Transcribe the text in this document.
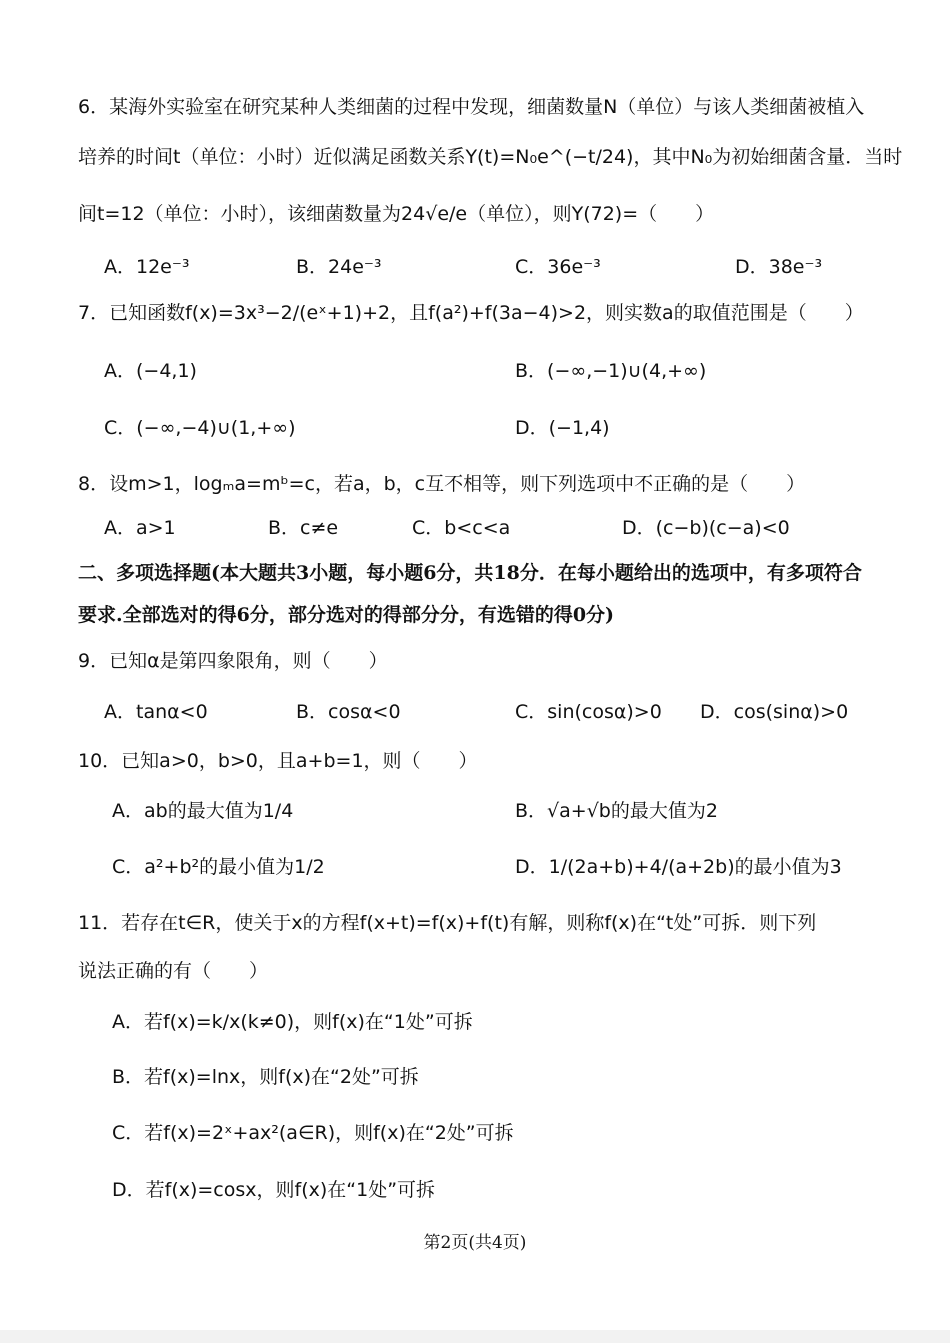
6．某海外实验室在研究某种人类细菌的过程中发现，细菌数量N（单位）与该人类细菌被植入
培养的时间t（单位：小时）近似满足函数关系Y(t)=N₀e^(−t/24)，其中N₀为初始细菌含量．当时
间t=12（单位：小时），该细菌数量为24√e/e（单位），则Y(72)=（　　）
A．12e⁻³	B．24e⁻³	C．36e⁻³	D．38e⁻³
7．已知函数f(x)=3x³−2/(eˣ+1)+2，且f(a²)+f(3a−4)>2，则实数a的取值范围是（　　）
A．(−4,1)	B．(−∞,−1)∪(4,+∞)
C．(−∞,−4)∪(1,+∞)	D．(−1,4)
8．设m>1，logₘa=mᵇ=c，若a，b，c互不相等，则下列选项中不正确的是（　　）
A．a>1	B．c≠e	C．b<c<a	D．(c−b)(c−a)<0
二、多项选择题(本大题共3小题，每小题6分，共18分．在每小题给出的选项中，有多项符合
要求.全部选对的得6分，部分选对的得部分分，有选错的得0分)
9．已知α是第四象限角，则（　　）
A．tanα<0	B．cosα<0	C．sin(cosα)>0 D．cos(sinα)>0
10．已知a>0，b>0，且a+b=1，则（　　）
A．ab的最大值为1/4	B．√a+√b的最大值为2
C．a²+b²的最小值为1/2	D．1/(2a+b)+4/(a+2b)的最小值为3
11．若存在t∈R，使关于x的方程f(x+t)=f(x)+f(t)有解，则称f(x)在“t处”可拆．则下列
说法正确的有（　　）
A．若f(x)=k/x(k≠0)，则f(x)在“1处”可拆
B．若f(x)=lnx，则f(x)在“2处”可拆
C．若f(x)=2ˣ+ax²(a∈R)，则f(x)在“2处”可拆
D．若f(x)=cosx，则f(x)在“1处”可拆
第2页(共4页)
